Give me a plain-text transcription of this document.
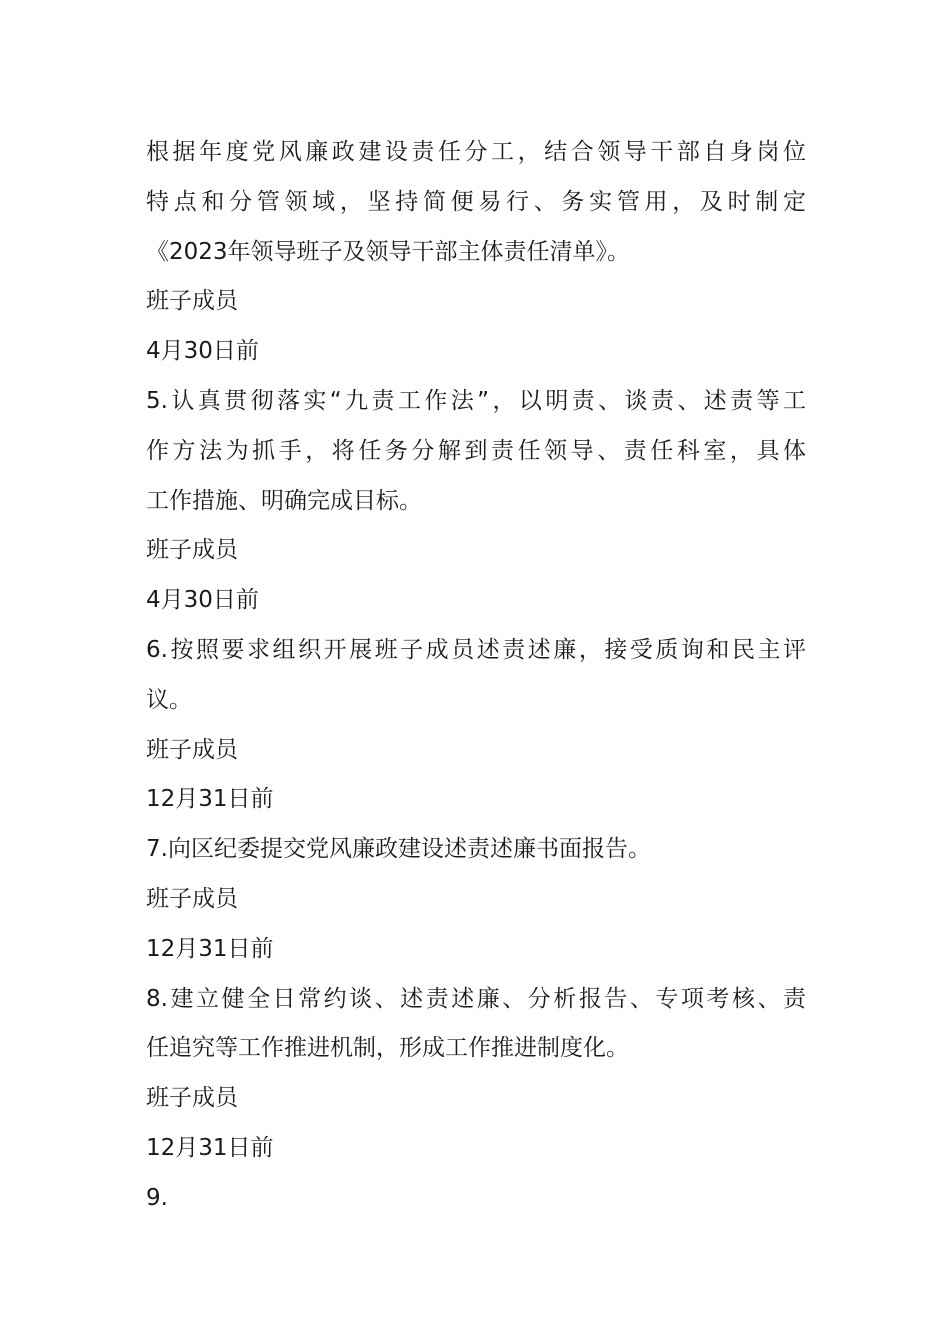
根据年度党风廉政建设责任分工，结合领导干部自身岗位
特点和分管领域，坚持简便易行、务实管用，及时制定
《2023年领导班子及领导干部主体责任清单》。
班子成员
4月30日前
5.认真贯彻落实“九责工作法”，以明责、谈责、述责等工
作方法为抓手，将任务分解到责任领导、责任科室，具体
工作措施、明确完成目标。
班子成员
4月30日前
6.按照要求组织开展班子成员述责述廉，接受质询和民主评
议。
班子成员
12月31日前
7.向区纪委提交党风廉政建设述责述廉书面报告。
班子成员
12月31日前
8.建立健全日常约谈、述责述廉、分析报告、专项考核、责
任追究等工作推进机制，形成工作推进制度化。
班子成员
12月31日前
9.
